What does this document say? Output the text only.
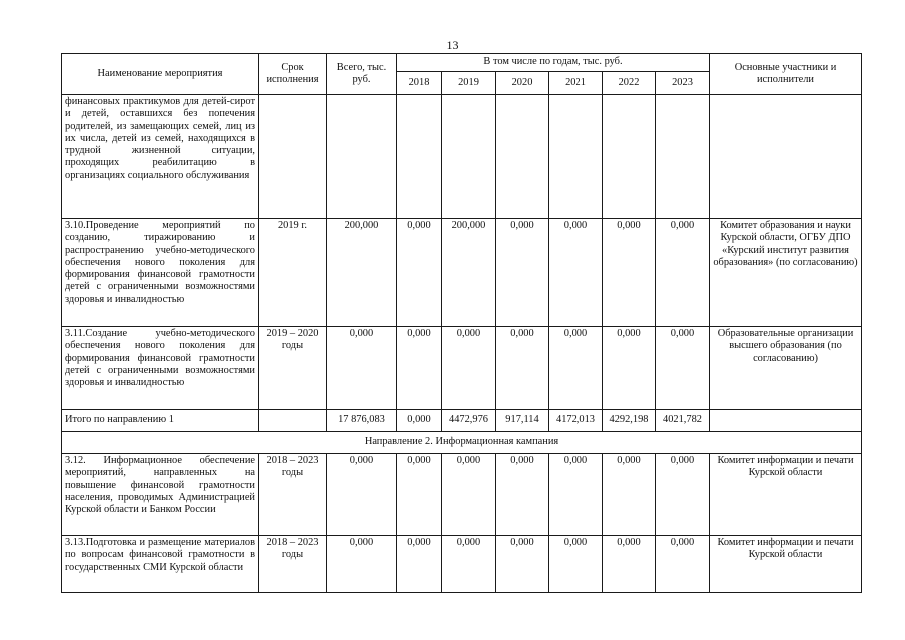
13
Наименование мероприятия	Срок исполнения	Всего, тыс. руб.	В том числе по годам, тыс. руб.						Основные участники и исполнители
			2018	2019	2020	2021	2022	2023	
финансовых практикумов для детей-сирот и детей, оставшихся без попечения родителей, из замещающих семей, лиц из их числа, детей из семей, находящихся в трудной жизненной ситуации, проходящих реабилитацию в организациях социального обслуживания									
3.10.Проведение мероприятий по созданию, тиражированию и распространению учебно-методического обеспечения нового поколения для формирования финансовой грамотности детей с ограниченными возможностями здоровья и инвалидностью	2019 г.	200,000	0,000	200,000	0,000	0,000	0,000	0,000	Комитет образования и науки Курской области, ОГБУ ДПО «Курский институт развития образования» (по согласованию)
3.11.Создание учебно-методического обеспечения нового поколения для формирования финансовой грамотности детей с ограниченными возможностями здоровья и инвалидностью	2019 – 2020 годы	0,000	0,000	0,000	0,000	0,000	0,000	0,000	Образовательные организации высшего образования (по согласованию)
Итого по направлению 1		17 876,083	0,000	4472,976	917,114	4172,013	4292,198	4021,782	
Направление 2. Информационная кампания									
3.12. Информационное обеспечение мероприятий, направленных на повышение финансовой грамотности населения, проводимых Администрацией Курской области и Банком России	2018 – 2023 годы	0,000	0,000	0,000	0,000	0,000	0,000	0,000	Комитет информации и печати Курской области
3.13.Подготовка и размещение материалов по вопросам финансовой грамотности в государственных СМИ Курской области	2018 – 2023 годы	0,000	0,000	0,000	0,000	0,000	0,000	0,000	Комитет информации и печати Курской области
